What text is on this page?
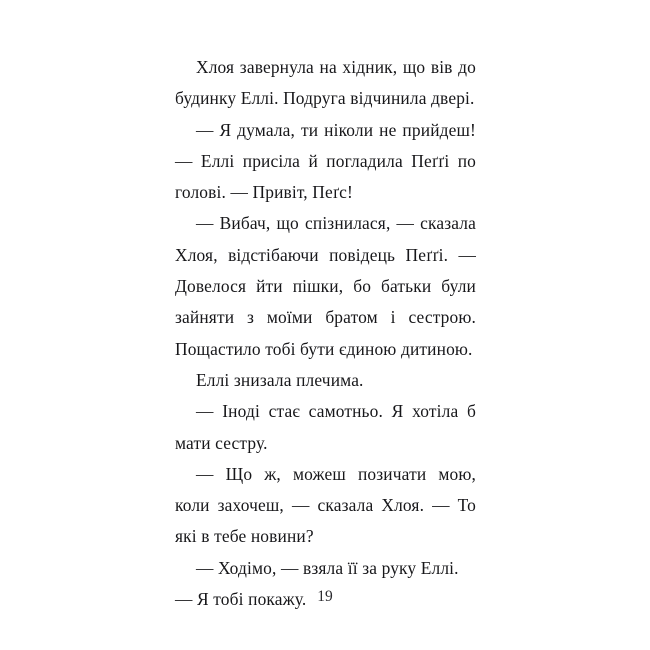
Хлоя завернула на хідник, що вів до будинку Еллі. Подруга відчинила двері.

— Я думала, ти ніколи не прийдеш! — Еллі присіла й погладила Пеґґі по голові. — Привіт, Пеґс!

— Вибач, що спізнилася, — сказала Хлоя, відстібаючи повідець Пеґґі. — Довелося йти пішки, бо батьки були зайняти з моїми братом і сестрою. Пощастило тобі бути єдиною дитиною.

Еллі знизала плечима.

— Іноді стає самотньо. Я хотіла б мати сестру.

— Що ж, можеш позичати мою, коли захочеш, — сказала Хлоя. — То які в тебе новини?

— Ходімо, — взяла її за руку Еллі. — Я тобі покажу. 19
